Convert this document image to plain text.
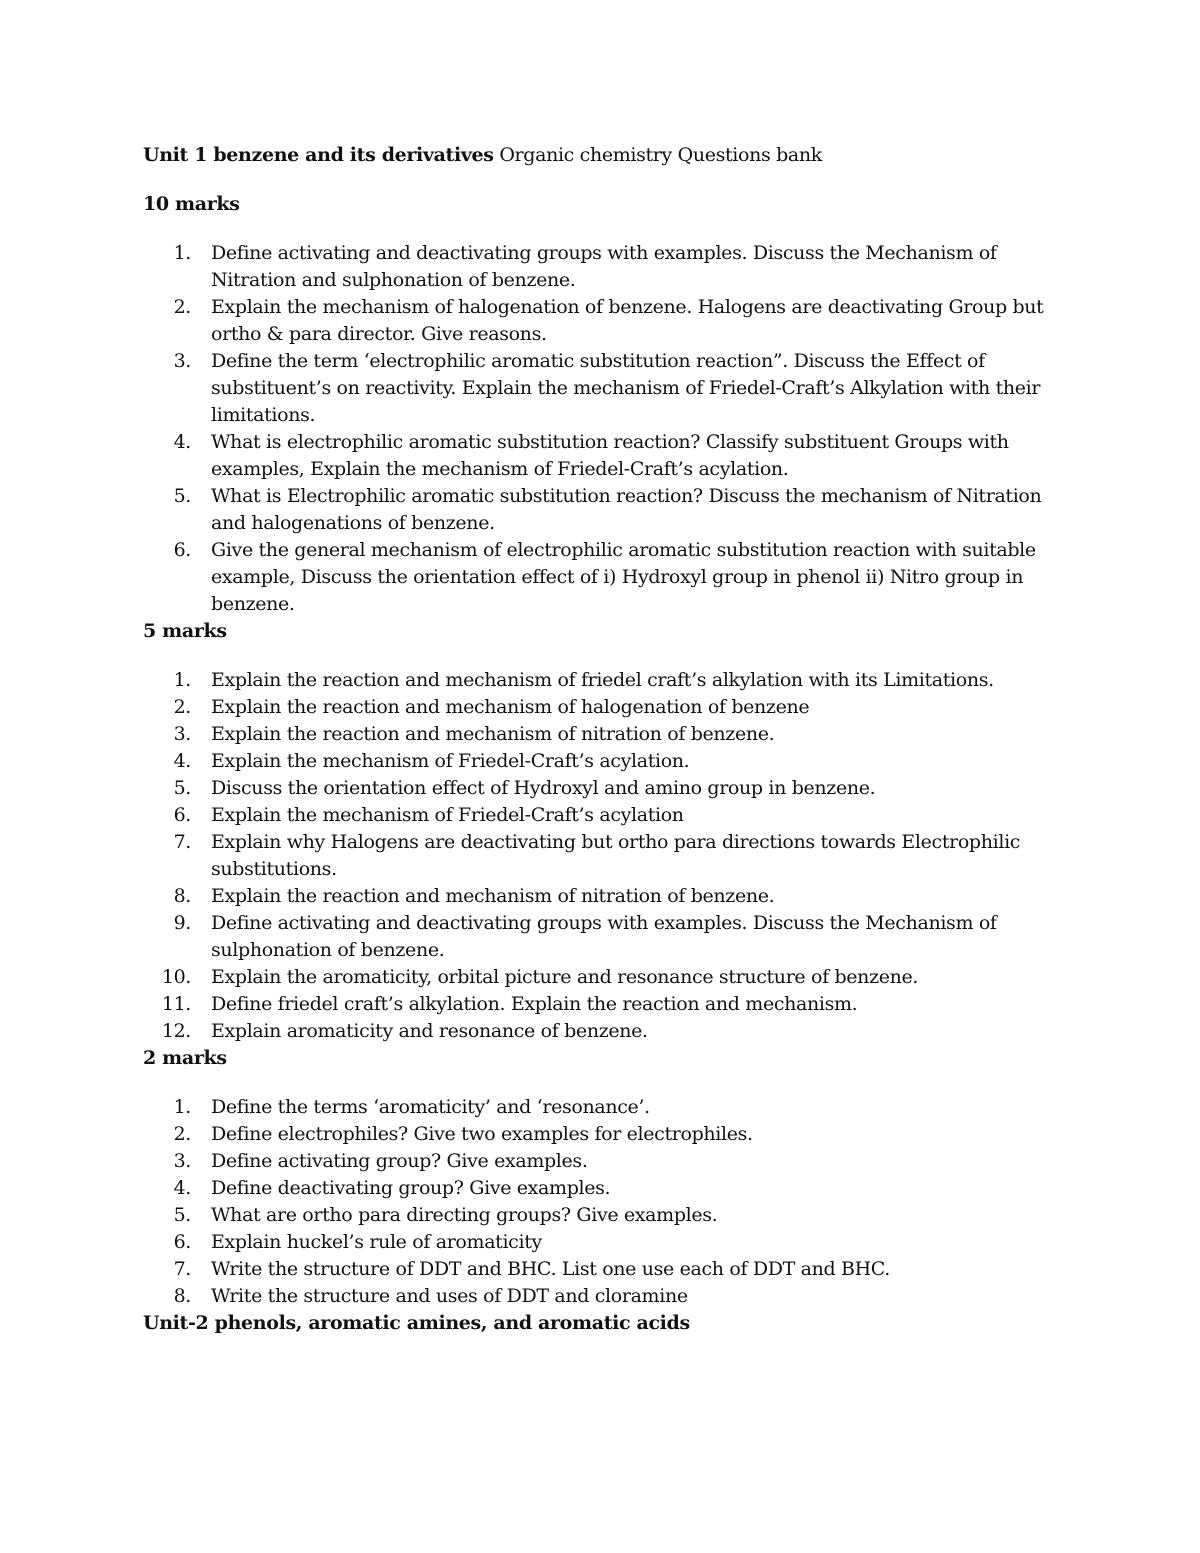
Unit 1 benzene and its derivatives Organic chemistry Questions bank

10 marks

1. Define activating and deactivating groups with examples. Discuss the Mechanism of Nitration and sulphonation of benzene.
2. Explain the mechanism of halogenation of benzene. Halogens are deactivating Group but ortho & para director. Give reasons.
3. Define the term ‘electrophilic aromatic substitution reaction”. Discuss the Effect of substituent’s on reactivity. Explain the mechanism of Friedel-Craft’s Alkylation with their limitations.
4. What is electrophilic aromatic substitution reaction? Classify substituent Groups with examples, Explain the mechanism of Friedel-Craft’s acylation.
5. What is Electrophilic aromatic substitution reaction? Discuss the mechanism of Nitration and halogenations of benzene.
6. Give the general mechanism of electrophilic aromatic substitution reaction with suitable example, Discuss the orientation effect of i) Hydroxyl group in phenol ii) Nitro group in benzene.

5 marks

1. Explain the reaction and mechanism of friedel craft’s alkylation with its Limitations.
2. Explain the reaction and mechanism of halogenation of benzene
3. Explain the reaction and mechanism of nitration of benzene.
4. Explain the mechanism of Friedel-Craft’s acylation.
5. Discuss the orientation effect of Hydroxyl and amino group in benzene.
6. Explain the mechanism of Friedel-Craft’s acylation
7. Explain why Halogens are deactivating but ortho para directions towards Electrophilic substitutions.
8. Explain the reaction and mechanism of nitration of benzene.
9. Define activating and deactivating groups with examples. Discuss the Mechanism of sulphonation of benzene.
10. Explain the aromaticity, orbital picture and resonance structure of benzene.
11. Define friedel craft’s alkylation. Explain the reaction and mechanism.
12. Explain aromaticity and resonance of benzene.

2 marks

1. Define the terms ‘aromaticity’ and ‘resonance’.
2. Define electrophiles? Give two examples for electrophiles.
3. Define activating group? Give examples.
4. Define deactivating group? Give examples.
5. What are ortho para directing groups? Give examples.
6. Explain huckel’s rule of aromaticity
7. Write the structure of DDT and BHC. List one use each of DDT and BHC.
8. Write the structure and uses of DDT and cloramine

Unit-2 phenols, aromatic amines, and aromatic acids
